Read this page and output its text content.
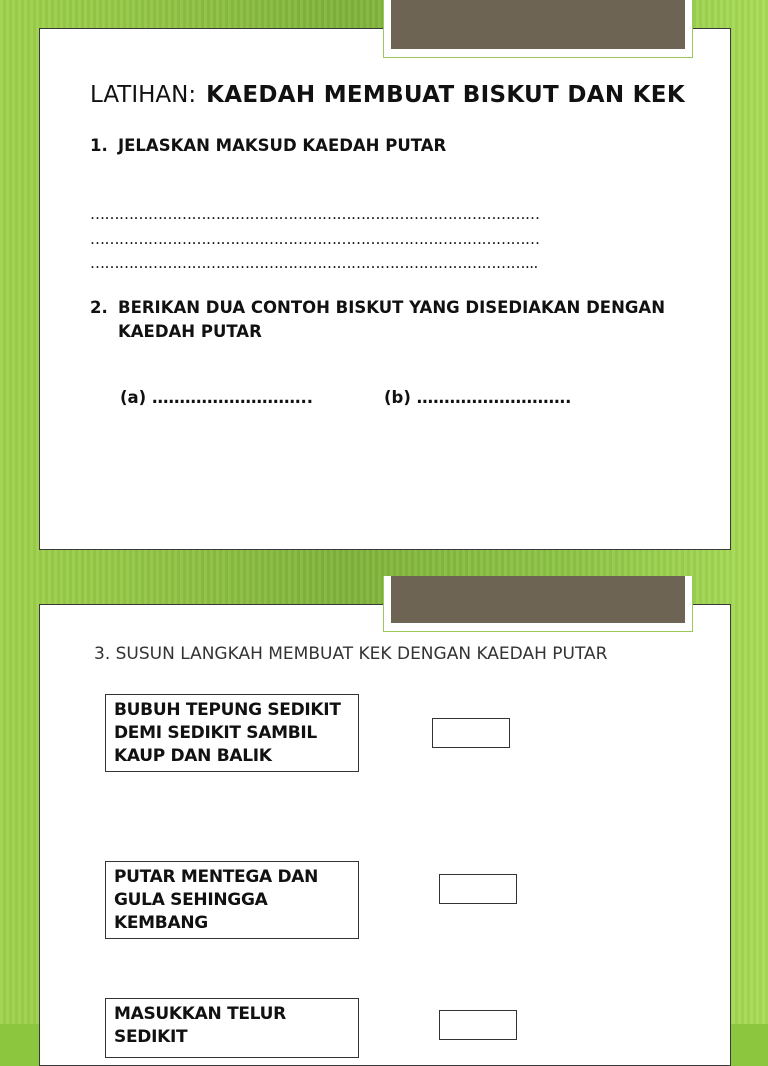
LATIHAN: KAEDAH MEMBUAT BISKUT DAN KEK
1. JELASKAN MAKSUD KAEDAH PUTAR
…………………………………………………………………………………
…………………………………………………………………………………
………………………………………………………………………………...
2. BERIKAN DUA CONTOH BISKUT YANG DISEDIAKAN DENGAN
KAEDAH PUTAR
(a) ………………………..	(b) ……………………….
3. SUSUN LANGKAH MEMBUAT KEK DENGAN KAEDAH PUTAR
BUBUH TEPUNG SEDIKIT
DEMI SEDIKIT SAMBIL
KAUP DAN BALIK
PUTAR MENTEGA DAN
GULA SEHINGGA
KEMBANG
MASUKKAN TELUR SEDIKIT
